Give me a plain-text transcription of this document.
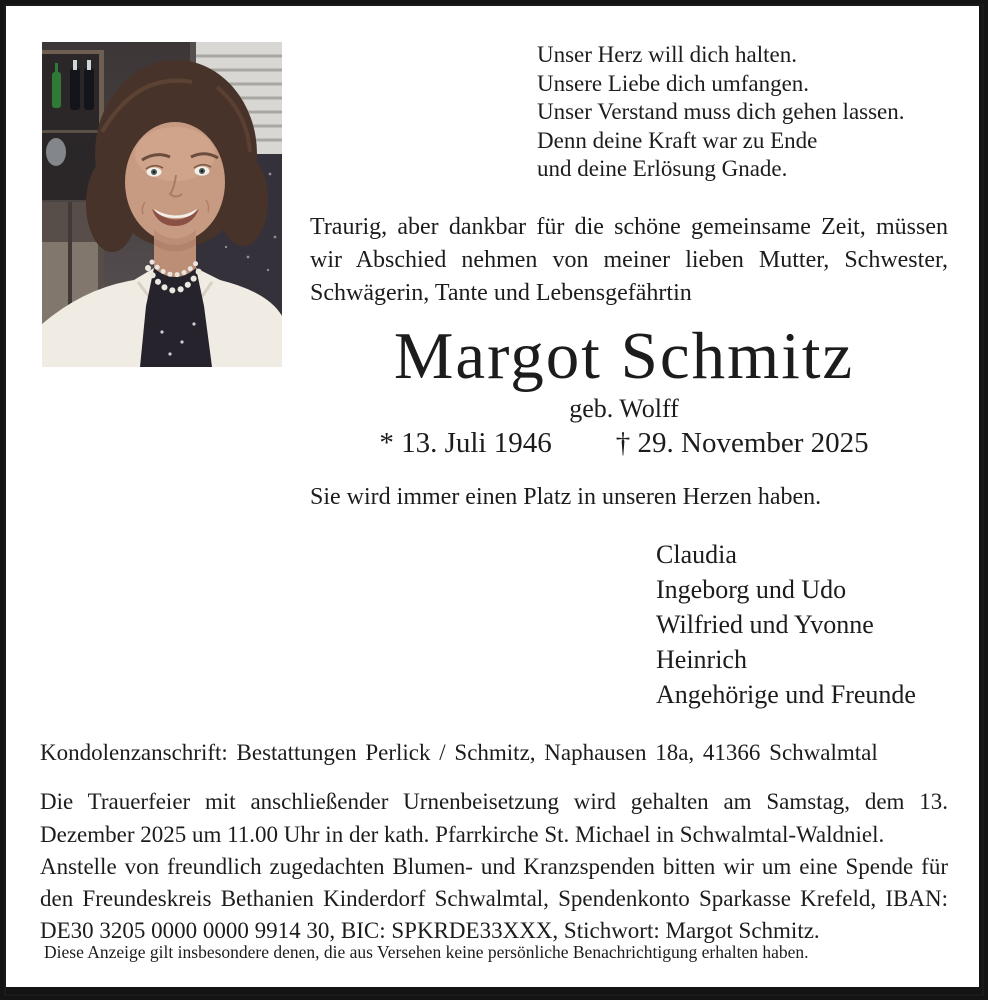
Unser Herz will dich halten.
Unsere Liebe dich umfangen.
Unser Verstand muss dich gehen lassen.
Denn deine Kraft war zu Ende
und deine Erlösung Gnade.
Traurig, aber dankbar für die schöne gemeinsame Zeit, müssen wir Abschied nehmen von meiner lieben Mutter, Schwester, Schwägerin, Tante und Lebensgefährtin
Margot Schmitz
geb. Wolff
* 13. Juli 1946 † 29. November 2025
Sie wird immer einen Platz in unseren Herzen haben.
Claudia
Ingeborg und Udo
Wilfried und Yvonne
Heinrich
Angehörige und Freunde
Kondolenzanschrift: Bestattungen Perlick / Schmitz, Naphausen 18a, 41366 Schwalmtal
Die Trauerfeier mit anschließender Urnenbeisetzung wird gehalten am Samstag, dem 13. Dezember 2025 um 11.00 Uhr in der kath. Pfarrkirche St. Michael in Schwalmtal-Waldniel.
Anstelle von freundlich zugedachten Blumen- und Kranzspenden bitten wir um eine Spende für den Freundeskreis Bethanien Kinderdorf Schwalmtal, Spendenkonto Sparkasse Krefeld, IBAN: DE30 3205 0000 0000 9914 30, BIC: SPKRDE33XXX, Stichwort: Margot Schmitz.
Diese Anzeige gilt insbesondere denen, die aus Versehen keine persönliche Benachrichtigung erhalten haben.
